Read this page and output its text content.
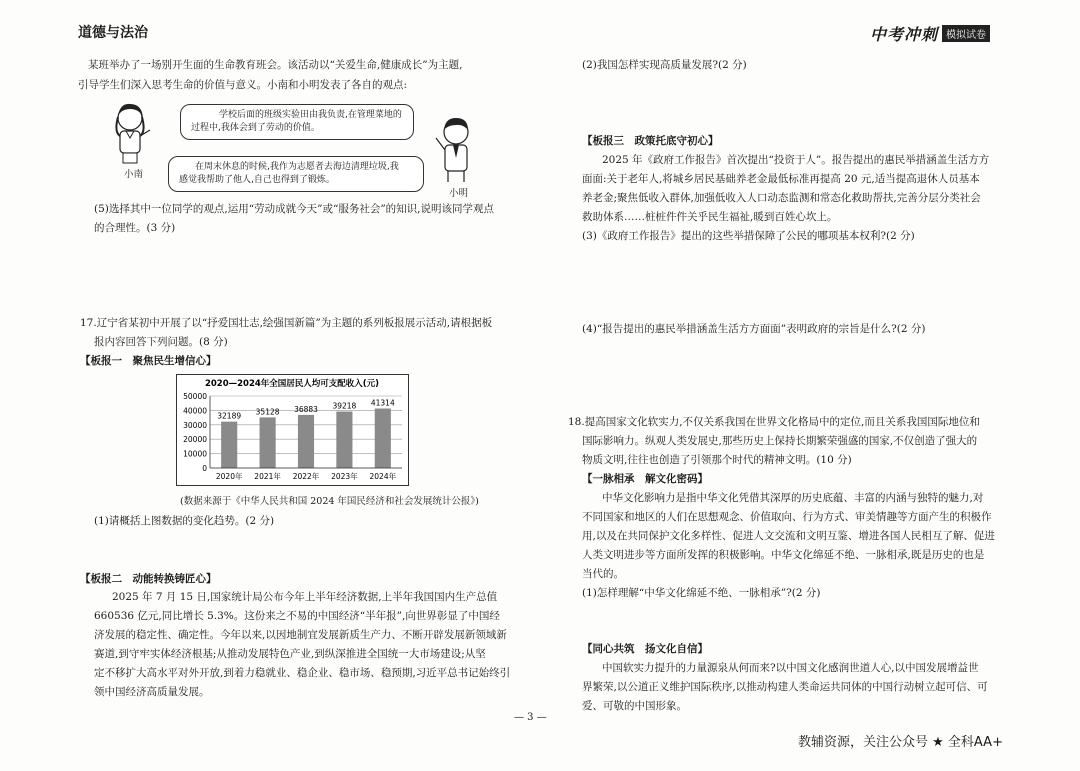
道德与法治	中考冲刺 模拟试卷
某班举办了一场别开生面的生命教育班会。该活动以“关爱生命,健康成长”为主题,
引导学生们深入思考生命的价值与意义。小南和小明发表了各自的观点:
小南
小明
学校后面的班级实验田由我负责,在管理菜地的
过程中,我体会到了劳动的价值。
在周末休息的时候,我作为志愿者去海边清理垃圾,我
感觉我帮助了他人,自己也得到了锻炼。
(5)选择其中一位同学的观点,运用“劳动成就今天”或“服务社会”的知识,说明该同学观点
的合理性。(3 分)
17.辽宁省某初中开展了以“抒爱国壮志,绘强国新篇”为主题的系列板报展示活动,请根据板
报内容回答下列问题。(8 分)
【板报一　聚焦民生增信心】
2020—2024年全国居民人均可支配收入(元)
0
10000
20000
30000
40000
50000
32189 35128 36883 39218 41314
2020年 2021年 2022年 2023年 2024年
(数据来源于《中华人民共和国 2024 年国民经济和社会发展统计公报》)
(1)请概括上图数据的变化趋势。(2 分)
【板报二　动能转换铸匠心】
2025 年 7 月 15 日,国家统计局公布今年上半年经济数据,上半年我国国内生产总值
660536 亿元,同比增长 5.3%。这份来之不易的中国经济“半年报”,向世界彰显了中国经
济发展的稳定性、确定性。今年以来,以因地制宜发展新质生产力、不断开辟发展新领域新
赛道,到守牢实体经济根基;从推动发展特色产业,到纵深推进全国统一大市场建设;从坚
定不移扩大高水平对外开放,到着力稳就业、稳企业、稳市场、稳预期,习近平总书记始终引
领中国经济高质量发展。
(2)我国怎样实现高质量发展?(2 分)
【板报三　政策托底守初心】
2025 年《政府工作报告》首次提出“投资于人”。报告提出的惠民举措涵盖生活方方
面面:关于老年人,将城乡居民基础养老金最低标准再提高 20 元,适当提高退休人员基本
养老金;聚焦低收入群体,加强低收入人口动态监测和常态化救助帮扶,完善分层分类社会
救助体系……桩桩件件关乎民生福祉,暖到百姓心坎上。
(3)《政府工作报告》提出的这些举措保障了公民的哪项基本权利?(2 分)
(4)“报告提出的惠民举措涵盖生活方方面面”表明政府的宗旨是什么?(2 分)
18.提高国家文化软实力,不仅关系我国在世界文化格局中的定位,而且关系我国国际地位和
国际影响力。纵观人类发展史,那些历史上保持长期繁荣强盛的国家,不仅创造了强大的
物质文明,往往也创造了引领那个时代的精神文明。(10 分)
【一脉相承　解文化密码】
中华文化影响力是指中华文化凭借其深厚的历史底蕴、丰富的内涵与独特的魅力,对
不同国家和地区的人们在思想观念、价值取向、行为方式、审美情趣等方面产生的积极作
用,以及在共同保护文化多样性、促进人文交流和文明互鉴、增进各国人民相互了解、促进
人类文明进步等方面所发挥的积极影响。中华文化绵延不绝、一脉相承,既是历史的也是
当代的。
(1)怎样理解“中华文化绵延不绝、一脉相承”?(2 分)
【同心共筑　扬文化自信】
中国软实力提升的力量源泉从何而来?以中国文化感润世道人心,以中国发展增益世
界繁荣,以公道正义维护国际秩序,以推动构建人类命运共同体的中国行动树立起可信、可
爱、可敬的中国形象。
— 3 —
教辅资源，关注公众号 ★ 全科AA+
